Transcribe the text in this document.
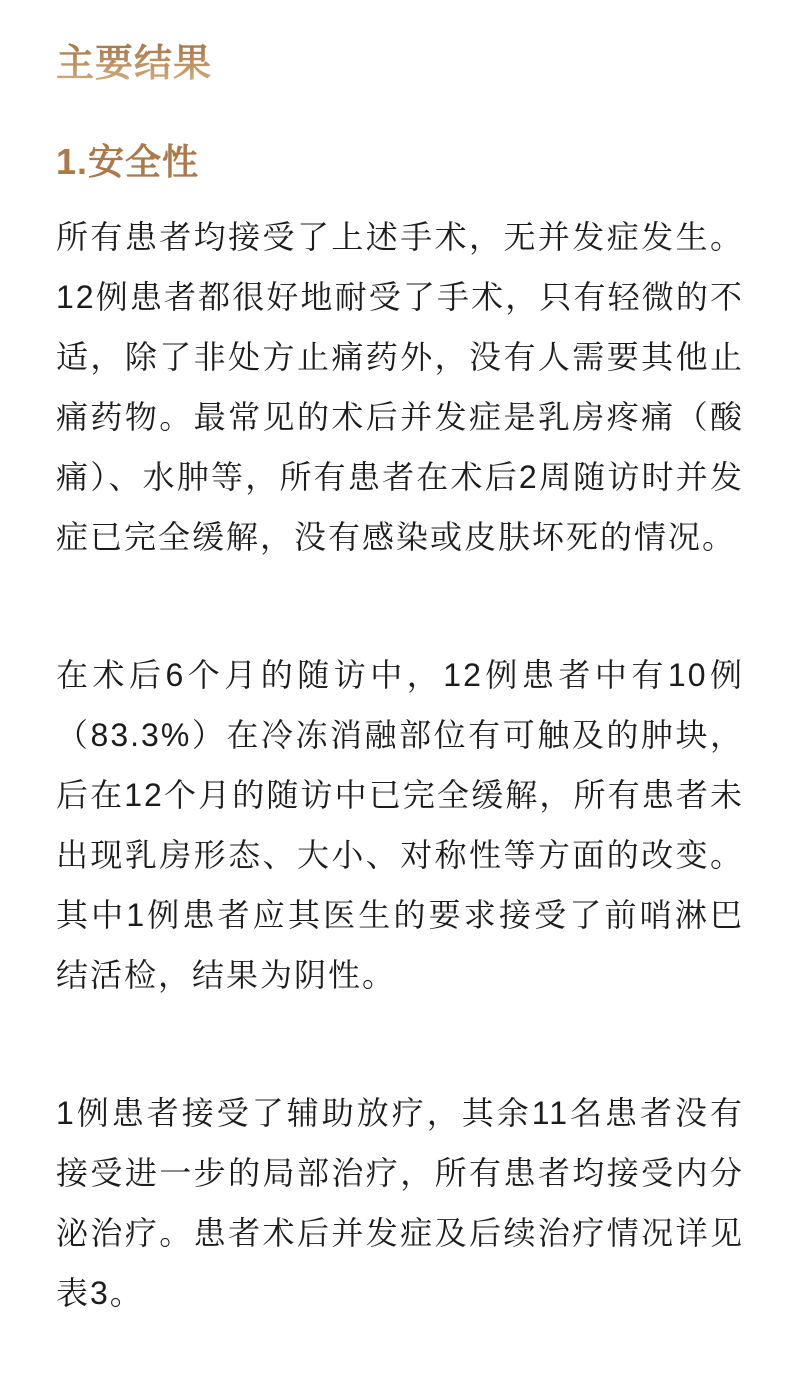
主要结果
1.安全性

所有患者均接受了上述手术，无并发症发生。12例患者都很好地耐受了手术，只有轻微的不适，除了非处方止痛药外，没有人需要其他止痛药物。最常见的术后并发症是乳房疼痛（酸痛）、水肿等，所有患者在术后2周随访时并发症已完全缓解，没有感染或皮肤坏死的情况。

在术后6个月的随访中，12例患者中有10例（83.3%）在冷冻消融部位有可触及的肿块，后在12个月的随访中已完全缓解，所有患者未出现乳房形态、大小、对称性等方面的改变。其中1例患者应其医生的要求接受了前哨淋巴结活检，结果为阴性。

1例患者接受了辅助放疗，其余11名患者没有接受进一步的局部治疗，所有患者均接受内分泌治疗。患者术后并发症及后续治疗情况详见表3。
